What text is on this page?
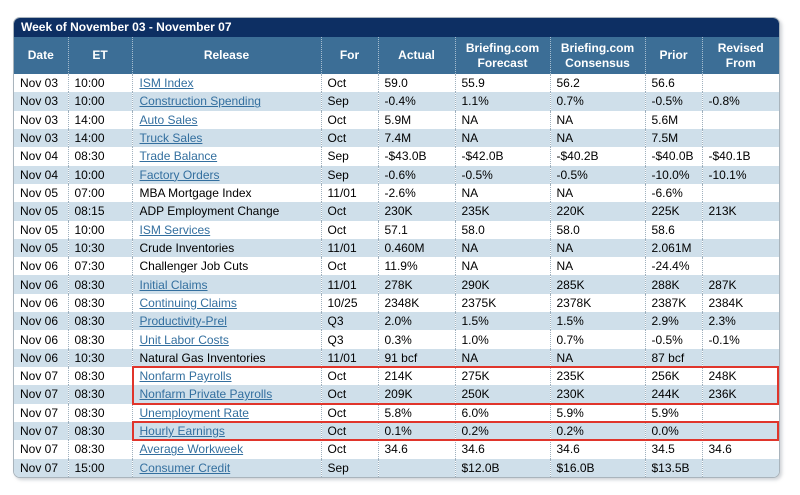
Week of November 03 - November 07
Date	ET	Release	For	Actual	Briefing.com Forecast	Briefing.com Consensus	Prior	Revised From
Nov 03	10:00	ISM Index	Oct	59.0	55.9	56.2	56.6	
Nov 03	10:00	Construction Spending	Sep	-0.4%	1.1%	0.7%	-0.5%	-0.8%
Nov 03	14:00	Auto Sales	Oct	5.9M	NA	NA	5.6M	
Nov 03	14:00	Truck Sales	Oct	7.4M	NA	NA	7.5M	
Nov 04	08:30	Trade Balance	Sep	-$43.0B	-$42.0B	-$40.2B	-$40.0B	-$40.1B
Nov 04	10:00	Factory Orders	Sep	-0.6%	-0.5%	-0.5%	-10.0%	-10.1%
Nov 05	07:00	MBA Mortgage Index	11/01	-2.6%	NA	NA	-6.6%	
Nov 05	08:15	ADP Employment Change	Oct	230K	235K	220K	225K	213K
Nov 05	10:00	ISM Services	Oct	57.1	58.0	58.0	58.6	
Nov 05	10:30	Crude Inventories	11/01	0.460M	NA	NA	2.061M	
Nov 06	07:30	Challenger Job Cuts	Oct	11.9%	NA	NA	-24.4%	
Nov 06	08:30	Initial Claims	11/01	278K	290K	285K	288K	287K
Nov 06	08:30	Continuing Claims	10/25	2348K	2375K	2378K	2387K	2384K
Nov 06	08:30	Productivity-Prel	Q3	2.0%	1.5%	1.5%	2.9%	2.3%
Nov 06	08:30	Unit Labor Costs	Q3	0.3%	1.0%	0.7%	-0.5%	-0.1%
Nov 06	10:30	Natural Gas Inventories	11/01	91 bcf	NA	NA	87 bcf	
Nov 07	08:30	Nonfarm Payrolls	Oct	214K	275K	235K	256K	248K
Nov 07	08:30	Nonfarm Private Payrolls	Oct	209K	250K	230K	244K	236K
Nov 07	08:30	Unemployment Rate	Oct	5.8%	6.0%	5.9%	5.9%	
Nov 07	08:30	Hourly Earnings	Oct	0.1%	0.2%	0.2%	0.0%	
Nov 07	08:30	Average Workweek	Oct	34.6	34.6	34.6	34.5	34.6
Nov 07	15:00	Consumer Credit	Sep		$12.0B	$16.0B	$13.5B	
